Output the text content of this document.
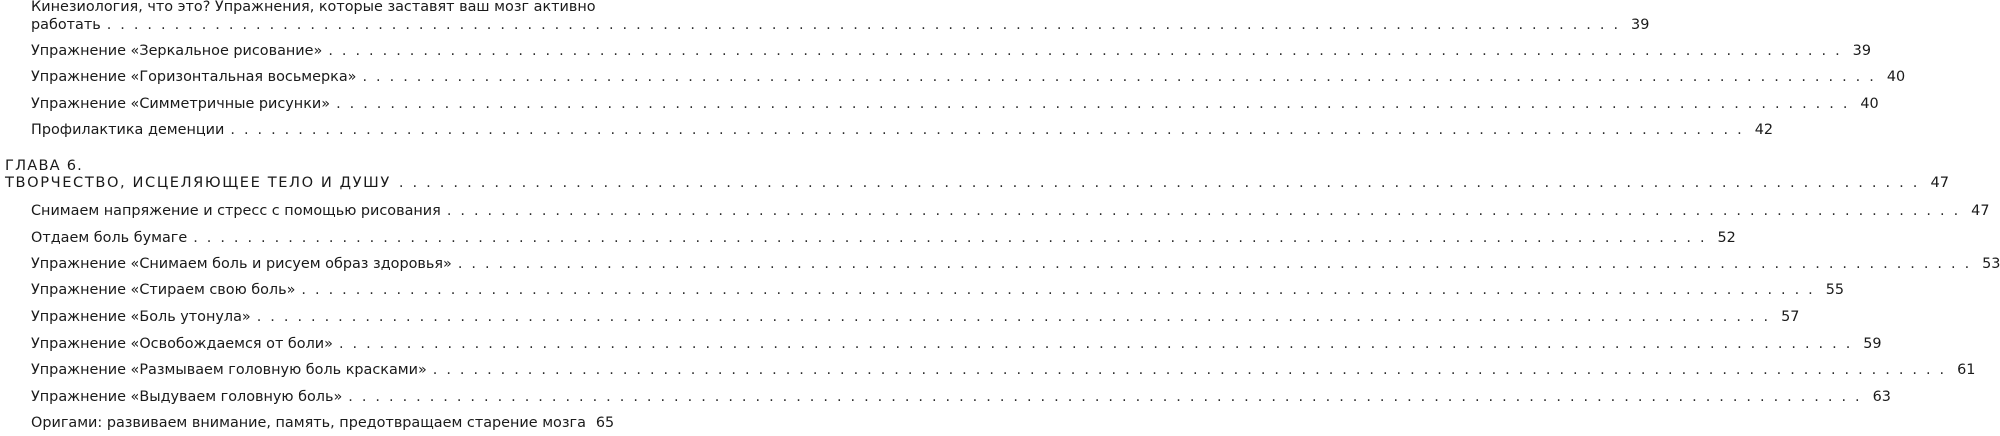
Кинезиология, что это? Упражнения, которые заставят ваш мозг активно
работать ................................................................................................................ 39
Упражнение «Зеркальное рисование» ................................................................................................................ 39
Упражнение «Горизонтальная восьмерка» ................................................................................................................ 40
Упражнение «Симметричные рисунки» ................................................................................................................ 40
Профилактика деменции ................................................................................................................ 42
ГЛАВА 6.
ТВОРЧЕСТВО, ИСЦЕЛЯЮЩЕЕ ТЕЛО И ДУШУ ................................................................................................................ 47
Снимаем напряжение и стресс с помощью рисования ................................................................................................................ 47
Отдаем боль бумаге ................................................................................................................ 52
Упражнение «Снимаем боль и рисуем образ здоровья» ................................................................................................................ 53
Упражнение «Стираем свою боль» ................................................................................................................ 55
Упражнение «Боль утонула» ................................................................................................................ 57
Упражнение «Освобождаемся от боли» ................................................................................................................ 59
Упражнение «Размываем головную боль красками» ................................................................................................................ 61
Упражнение «Выдуваем головную боль» ................................................................................................................ 63
Оригами: развиваем внимание, память, предотвращаем старение мозга 65
